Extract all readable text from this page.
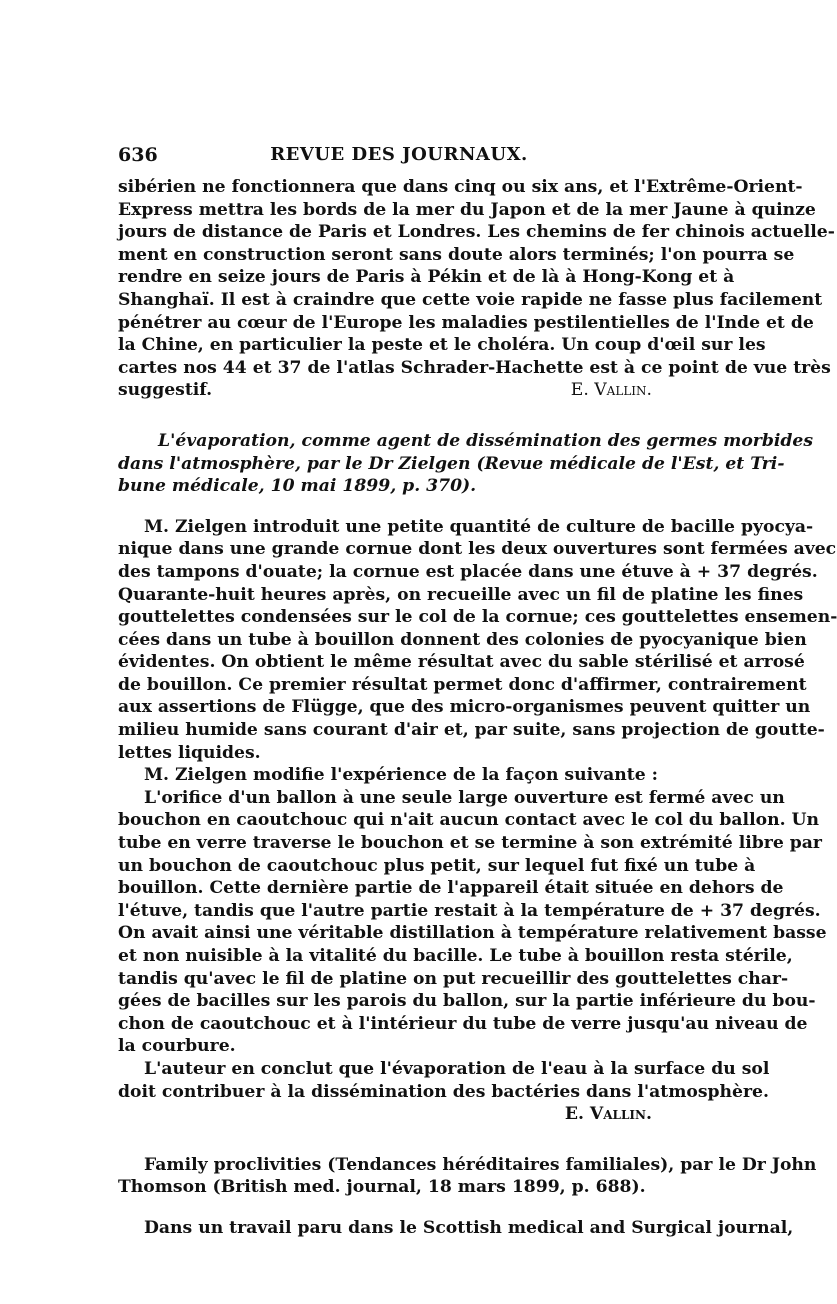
636	REVUE DES JOURNAUX.
sibérien ne fonctionnera que dans cinq ou six ans, et l'Extrême-Orient-
Express mettra les bords de la mer du Japon et de la mer Jaune à quinze
jours de distance de Paris et Londres. Les chemins de fer chinois actuelle-
ment en construction seront sans doute alors terminés; l'on pourra se
rendre en seize jours de Paris à Pékin et de là à Hong-Kong et à
Shanghaï. Il est à craindre que cette voie rapide ne fasse plus facilement
pénétrer au cœur de l'Europe les maladies pestilentielles de l'Inde et de
la Chine, en particulier la peste et le choléra. Un coup d'œil sur les
cartes nos 44 et 37 de l'atlas Schrader-Hachette est à ce point de vue très
suggestif.	E. Vallin.
L'évaporation, comme agent de dissémination des germes morbides
dans l'atmosphère, par le Dr Zielgen (Revue médicale de l'Est, et Tri-
bune médicale, 10 mai 1899, p. 370).
M. Zielgen introduit une petite quantité de culture de bacille pyocya-
nique dans une grande cornue dont les deux ouvertures sont fermées avec
des tampons d'ouate; la cornue est placée dans une étuve à + 37 degrés.
Quarante-huit heures après, on recueille avec un fil de platine les fines
gouttelettes condensées sur le col de la cornue; ces gouttelettes ensemen-
cées dans un tube à bouillon donnent des colonies de pyocyanique bien
évidentes. On obtient le même résultat avec du sable stérilisé et arrosé
de bouillon. Ce premier résultat permet donc d'affirmer, contrairement
aux assertions de Flügge, que des micro-organismes peuvent quitter un
milieu humide sans courant d'air et, par suite, sans projection de goutte-
lettes liquides.
M. Zielgen modifie l'expérience de la façon suivante :
L'orifice d'un ballon à une seule large ouverture est fermé avec un
bouchon en caoutchouc qui n'ait aucun contact avec le col du ballon. Un
tube en verre traverse le bouchon et se termine à son extrémité libre par
un bouchon de caoutchouc plus petit, sur lequel fut fixé un tube à
bouillon. Cette dernière partie de l'appareil était située en dehors de
l'étuve, tandis que l'autre partie restait à la température de + 37 degrés.
On avait ainsi une véritable distillation à température relativement basse
et non nuisible à la vitalité du bacille. Le tube à bouillon resta stérile,
tandis qu'avec le fil de platine on put recueillir des gouttelettes char-
gées de bacilles sur les parois du ballon, sur la partie inférieure du bou-
chon de caoutchouc et à l'intérieur du tube de verre jusqu'au niveau de
la courbure.
L'auteur en conclut que l'évaporation de l'eau à la surface du sol
doit contribuer à la dissémination des bactéries dans l'atmosphère.
E. Vallin.
Family proclivities (Tendances héréditaires familiales), par le Dr John
Thomson (British med. journal, 18 mars 1899, p. 688).
Dans un travail paru dans le Scottish medical and Surgical journal,
